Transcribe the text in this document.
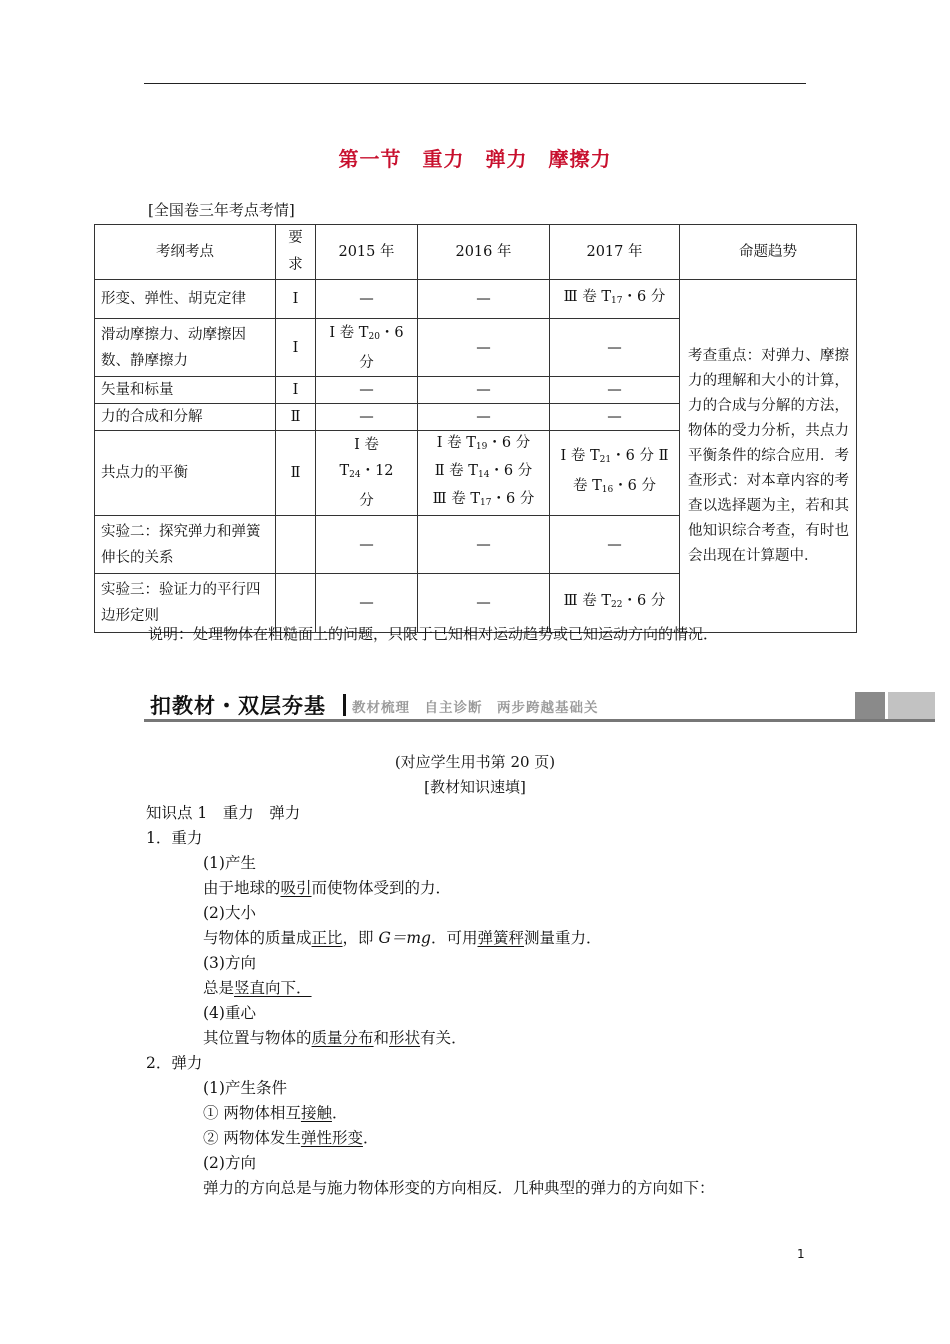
第一节　重力　弹力　摩擦力
[全国卷三年考点考情]
考纲考点	要求	2015 年	2016 年	2017 年	命题趋势
形变、弹性、胡克定律	Ⅰ	—	—	Ⅲ 卷 $T_{17}$・6 分	考查重点：对弹力、摩擦力的理解和大小的计算，力的合成与分解的方法，物体的受力分析，共点力平衡条件的综合应用．考查形式：对本章内容的考查以选择题为主，若和其他知识综合考查，有时也会出现在计算题中．
滑动摩擦力、动摩擦因数、静摩擦力	Ⅰ	Ⅰ 卷 $T_{20}$・6 分	—	—	
矢量和标量	Ⅰ	—	—	—	
力的合成和分解	Ⅱ	—	—	—	
共点力的平衡	Ⅱ	Ⅰ 卷 $T_{24}$・12 分	Ⅰ 卷 $T_{19}$・6 分 Ⅱ 卷 $T_{14}$・6 分 Ⅲ 卷 $T_{17}$・6 分	Ⅰ 卷 $T_{21}$・6 分 Ⅱ 卷 $T_{16}$・6 分	
实验二：探究弹力和弹簧伸长的关系		—	—	—	
实验三：验证力的平行四边形定则		—	—	Ⅲ 卷 $T_{22}$・6 分	
说明：处理物体在粗糙面上的问题，只限于已知相对运动趋势或已知运动方向的情况．
扣教材・双层夯基 教材梳理　自主诊断　两步跨越基础关
(对应学生用书第 20 页)
[教材知识速填]
知识点 1　重力　弹力
1．重力
(1)产生
由于地球的吸引而使物体受到的力．
(2)大小
与物体的质量成正比，即 G＝mg．可用弹簧秤测量重力．
(3)方向
总是竖直向下．
(4)重心
其位置与物体的质量分布和形状有关．
2．弹力
(1)产生条件
① 两物体相互接触．
② 两物体发生弹性形变．
(2)方向
弹力的方向总是与施力物体形变的方向相反．几种典型的弹力的方向如下：
1
